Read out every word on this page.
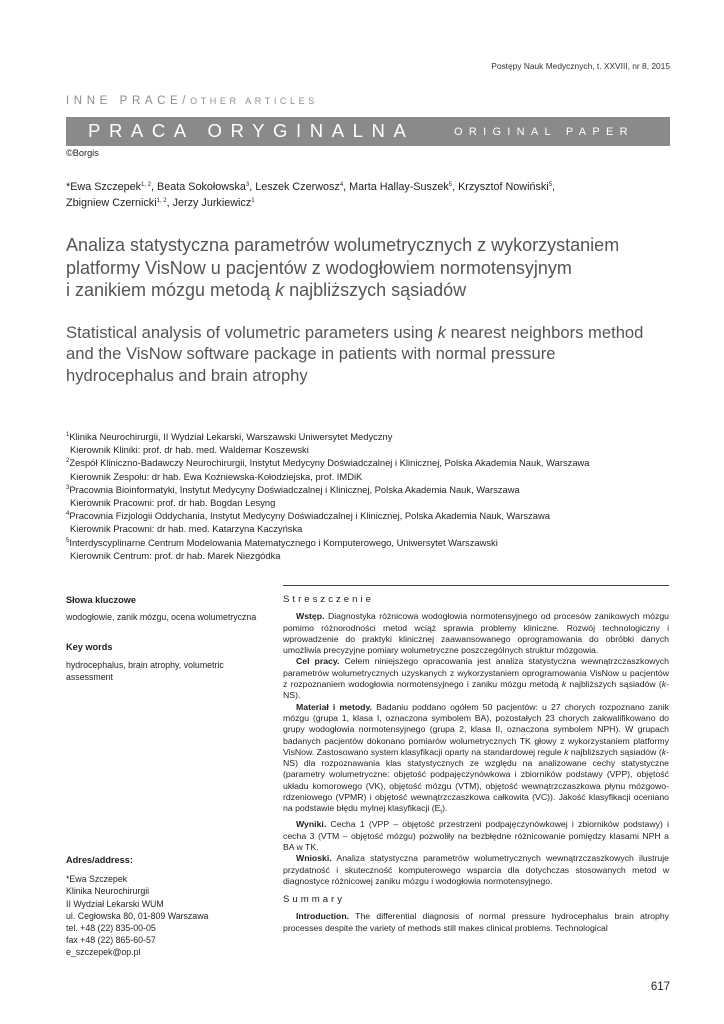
Postępy Nauk Medycznych, t. XXVIII, nr 8, 2015
INNE PRACE/OTHER ARTICLES
PRACA ORYGINALNA	ORIGINAL PAPER
©Borgis
*Ewa Szczepek$^{1, 2}$, Beata Sokołowska$^3$, Leszek Czerwosz$^4$, Marta Hallay-Suszek$^5$, Krzysztof Nowiński$^5$,
Zbigniew Czernicki$^{1, 2}$, Jerzy Jurkiewicz$^1$
Analiza statystyczna parametrów wolumetrycznych z wykorzystaniem
platformy VisNow u pacjentów z wodogłowiem normotensyjnym
i zanikiem mózgu metodą k najbliższych sąsiadów
Statistical analysis of volumetric parameters using k nearest neighbors method
and the VisNow software package in patients with normal pressure
hydrocephalus and brain atrophy
$^1$Klinika Neurochirurgii, II Wydział Lekarski, Warszawski Uniwersytet Medyczny
Kierownik Kliniki: prof. dr hab. med. Waldemar Koszewski
$^2$Zespół Kliniczno-Badawczy Neurochirurgii, Instytut Medycyny Doświadczalnej i Klinicznej, Polska Akademia Nauk, Warszawa
Kierownik Zespołu: dr hab. Ewa Koźniewska-Kołodziejska, prof. IMDiK
$^3$Pracownia Bioinformatyki, Instytut Medycyny Doświadczalnej i Klinicznej, Polska Akademia Nauk, Warszawa
Kierownik Pracowni: prof. dr hab. Bogdan Lesyng
$^4$Pracownia Fizjologii Oddychania, Instytut Medycyny Doświadczalnej i Klinicznej, Polska Akademia Nauk, Warszawa
Kierownik Pracowni: dr hab. med. Katarzyna Kaczyńska
$^5$Interdyscyplinarne Centrum Modelowania Matematycznego i Komputerowego, Uniwersytet Warszawski
Kierownik Centrum: prof. dr hab. Marek Niezgódka
Słowa kluczowe
wodogłowie, zanik mózgu, ocena wolumetryczna
Key words
hydrocephalus, brain atrophy, volumetric assessment
Adres/address:
*Ewa Szczepek
Klinika Neurochirurgii
II Wydział Lekarski WUM
ul. Cegłowska 80, 01-809 Warszawa
tel. +48 (22) 835-00-05
fax +48 (22) 865-60-57
e_szczepek@op.pl
Streszczenie

Wstęp. Diagnostyka różnicowa wodogłowia normotensyjnego od procesów zanikowych mózgu pomimo różnorodności metod wciąż sprawia problemy kliniczne. Rozwój technologiczny i wprowadzenie do praktyki klinicznej zaawansowanego oprogramowania do obróbki danych umożliwia precyzyjne pomiary wolumetryczne poszczególnych struktur mózgowia.

Cel pracy. Celem niniejszego opracowania jest analiza statystyczna wewnątrzczaszkowych parametrów wolumetrycznych uzyskanych z wykorzystaniem oprogramowania VisNow u pacjentów z rozpoznaniem wodogłowia normotensyjnego i zaniku mózgu metodą k najbliższych sąsiadów (k-NS).

Materiał i metody. Badaniu poddano ogółem 50 pacjentów: u 27 chorych rozpoznano zanik mózgu (grupa 1, klasa I, oznaczona symbolem BA), pozostałych 23 chorych zakwalifikowano do grupy wodogłowia normotensyjnego (grupa 2, klasa II, oznaczona symbolem NPH). W grupach badanych pacjentów dokonano pomiarów wolumetrycznych TK głowy z wykorzystaniem platformy VisNow. Zastosowano system klasyfikacji oparty na standardowej regule k najbliższych sąsiadów (k-NS) dla rozpoznawania klas statystycznych ze względu na analizowane cechy statystyczne (parametry wolumetryczne: objętość podpajęczynówkowa i zbiorników podstawy (VPP), objętość układu komorowego (VK), objętość mózgu (VTM), objętość wewnątrzczaszkowa płynu mózgowo-rdzeniowego (VPMR) i objętość wewnątrzczaszkowa całkowita (VC)). Jakość klasyfikacji oceniano na podstawie błędu mylnej klasyfikacji $(E_t)$.

Wyniki. Cecha 1 (VPP – objętość przestrzeni podpajęczynówkowej i zbiorników podstawy) i cecha 3 (VTM – objętość mózgu) pozwoliły na bezbłędne różnicowanie pomiędzy klasami NPH a BA w TK.

Wnioski. Analiza statystyczna parametrów wolumetrycznych wewnątrzczaszkowych ilustruje przydatność i skuteczność komputerowego wsparcia dla dotychczas stosowanych metod w diagnostyce różnicowej zaniku mózgu i wodogłowia normotensyjnego.

Summary

Introduction. The differential diagnosis of normal pressure hydrocephalus brain atrophy processes despite the variety of methods still makes clinical problems. Technological

617
